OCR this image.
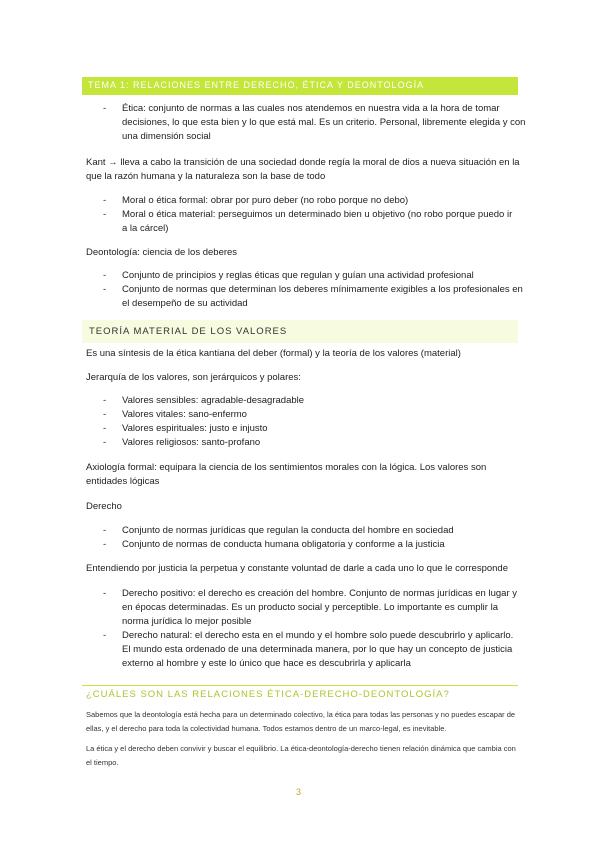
TEMA 1: RELACIONES ENTRE DERECHO, ÉTICA Y DEONTOLOGÍA
- Ética: conjunto de normas a las cuales nos atendemos en nuestra vida a la hora de tomar
decisiones, lo que esta bien y lo que está mal. Es un criterio. Personal, libremente elegida y con
una dimensión social
Kant → lleva a cabo la transición de una sociedad donde regía la moral de dios a nueva situación en la
que la razón humana y la naturaleza son la base de todo
- Moral o ética formal: obrar por puro deber (no robo porque no debo)
- Moral o ética material: perseguimos un determinado bien u objetivo (no robo porque puedo ir
a la cárcel)
Deontología: ciencia de los deberes
- Conjunto de principios y reglas éticas que regulan y guían una actividad profesional
- Conjunto de normas que determinan los deberes mínimamente exigibles a los profesionales en
el desempeño de su actividad
TEORÍA MATERIAL DE LOS VALORES
Es una síntesis de la ética kantiana del deber (formal) y la teoría de los valores (material)
Jerarquía de los valores, son jerárquicos y polares:
- Valores sensibles: agradable-desagradable
- Valores vitales: sano-enfermo
- Valores espirituales: justo e injusto
- Valores religiosos: santo-profano
Axiología formal: equipara la ciencia de los sentimientos morales con la lógica. Los valores son
entidades lógicas
Derecho
- Conjunto de normas jurídicas que regulan la conducta del hombre en sociedad
- Conjunto de normas de conducta humana obligatoria y conforme a la justicia
Entendiendo por justicia la perpetua y constante voluntad de darle a cada uno lo que le corresponde
- Derecho positivo: el derecho es creación del hombre. Conjunto de normas jurídicas en lugar y
en épocas determinadas. Es un producto social y perceptible. Lo importante es cumplir la
norma jurídica lo mejor posible
- Derecho natural: el derecho esta en el mundo y el hombre solo puede descubrirlo y aplicarlo.
El mundo esta ordenado de una determinada manera, por lo que hay un concepto de justicia
externo al hombre y este lo único que hace es descubrirla y aplicarla
¿CUÁLES SON LAS RELACIONES ÉTICA-DERECHO-DEONTOLOGÍA?
Sabemos que la deontología está hecha para un determinado colectivo, la ética para todas las personas y no puedes escapar de
ellas, y el derecho para toda la colectividad humana. Todos estamos dentro de un marco-legal, es inevitable.
La ética y el derecho deben convivir y buscar el equilibrio. La ética-deontología-derecho tienen relación dinámica que cambia con
el tiempo.
3
